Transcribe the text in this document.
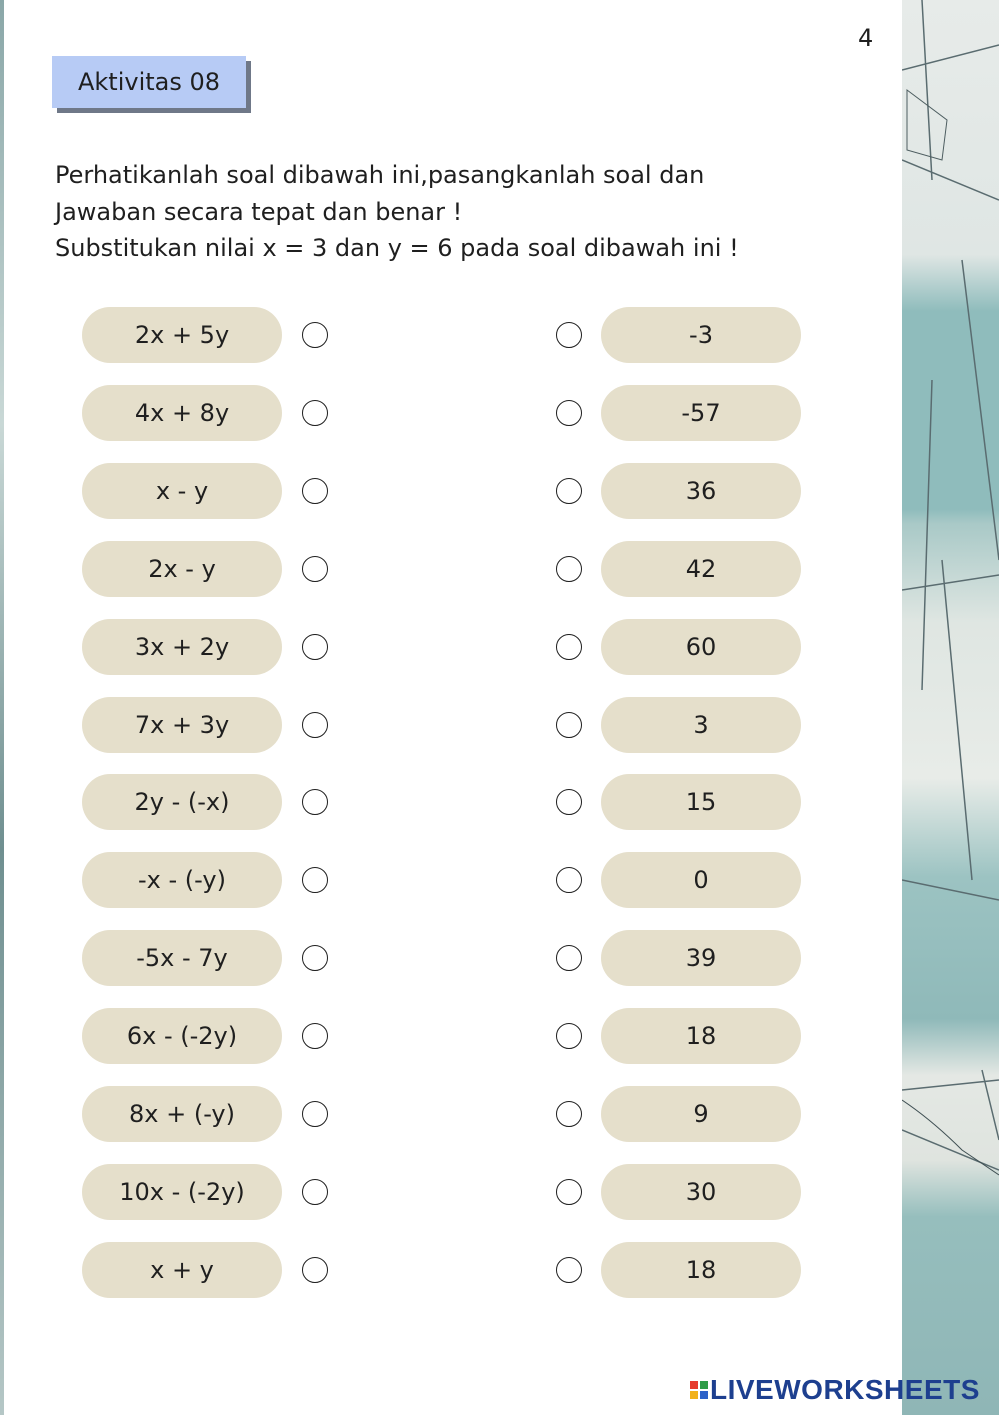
4
Aktivitas 08
Perhatikanlah soal dibawah ini,pasangkanlah soal dan
Jawaban secara tepat dan benar !
Substitukan nilai x = 3 dan y = 6 pada soal dibawah ini !
2x + 5y	-3
4x + 8y	-57
x - y	36
2x - y	42
3x + 2y	60
7x + 3y	3
2y - (-x)	15
-x - (-y)	0
-5x - 7y	39
6x - (-2y)	18
8x + (-y)	9
10x - (-2y)	30
x + y	18
LIVEWORKSHEETS
